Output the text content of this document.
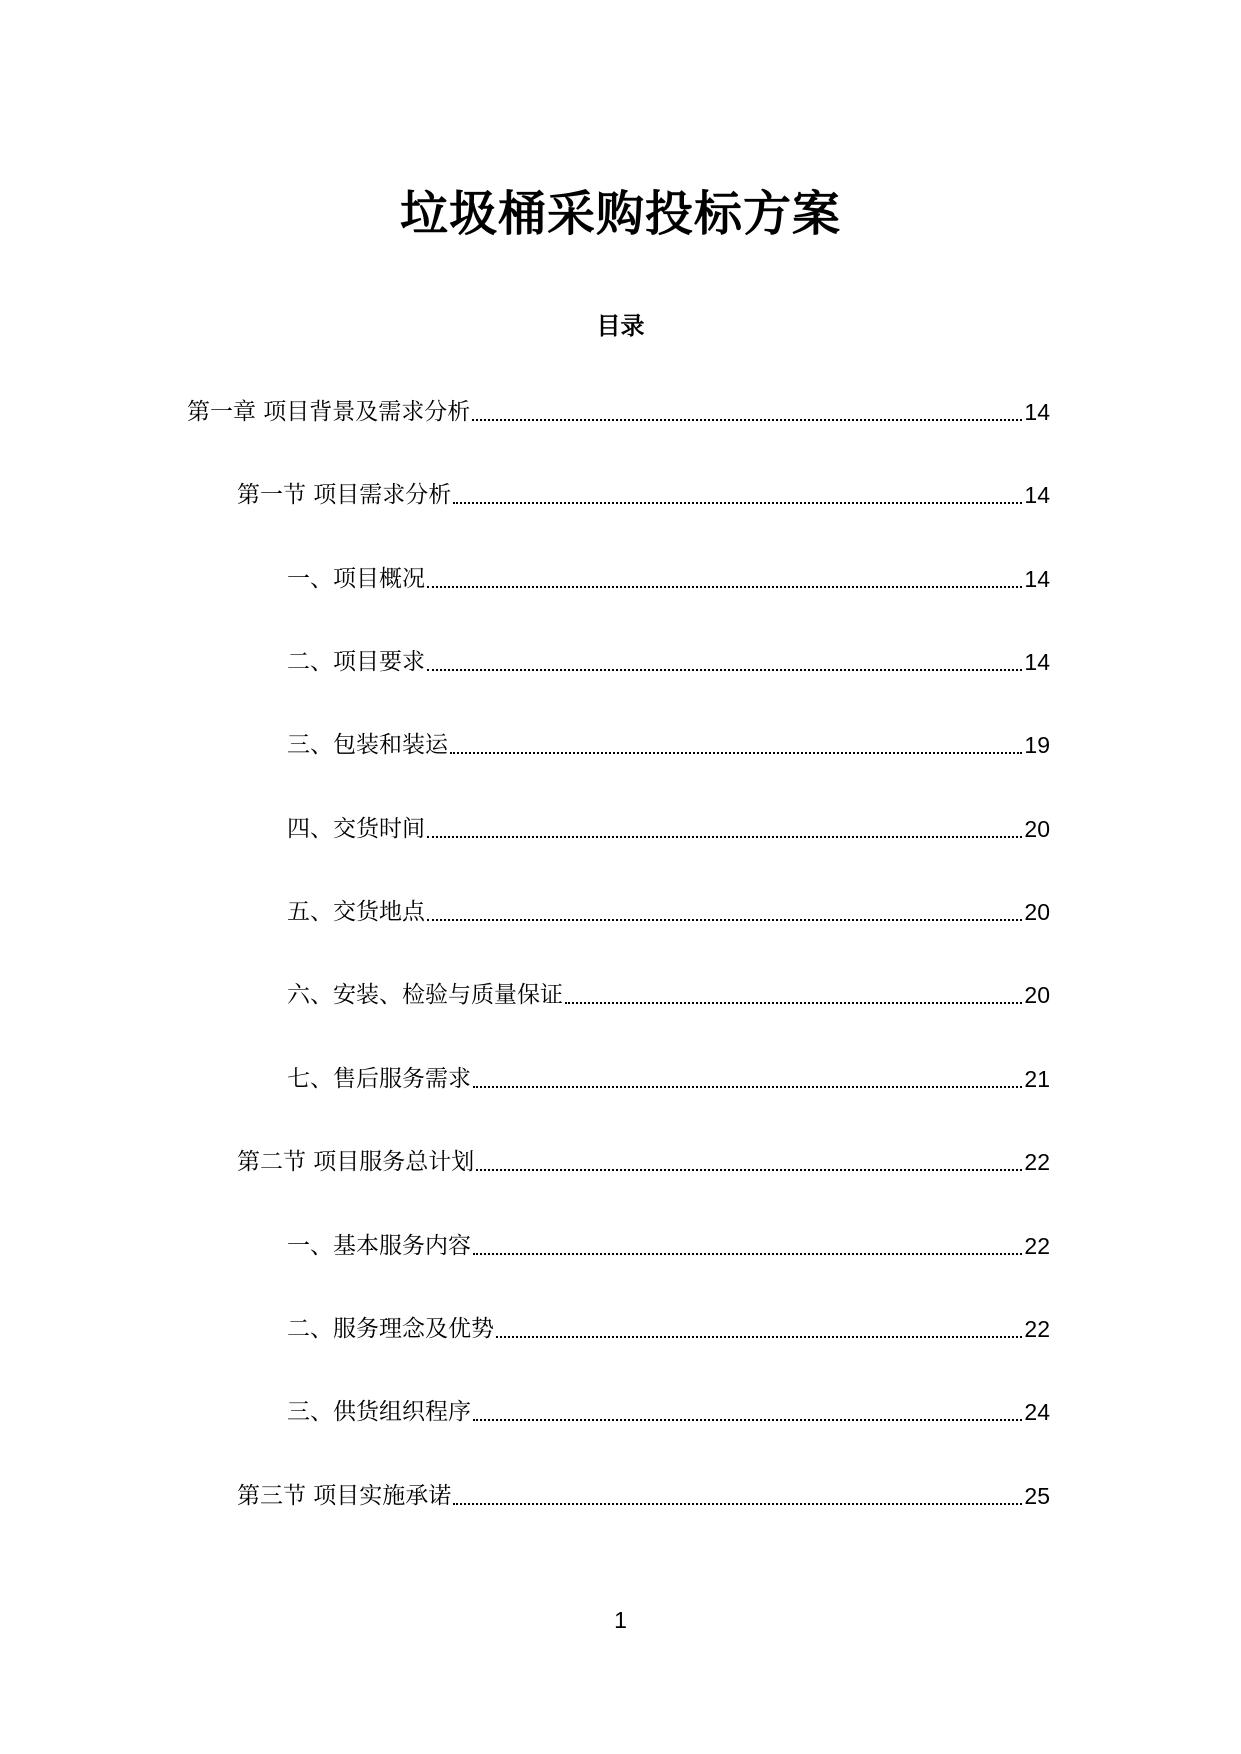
垃圾桶采购投标方案
目录
第一章 项目背景及需求分析	14
第一节 项目需求分析	14
一、项目概况	14
二、项目要求	14
三、包装和装运	19
四、交货时间	20
五、交货地点	20
六、安装、检验与质量保证	20
七、售后服务需求	21
第二节 项目服务总计划	22
一、基本服务内容	22
二、服务理念及优势	22
三、供货组织程序	24
第三节 项目实施承诺	25
1
